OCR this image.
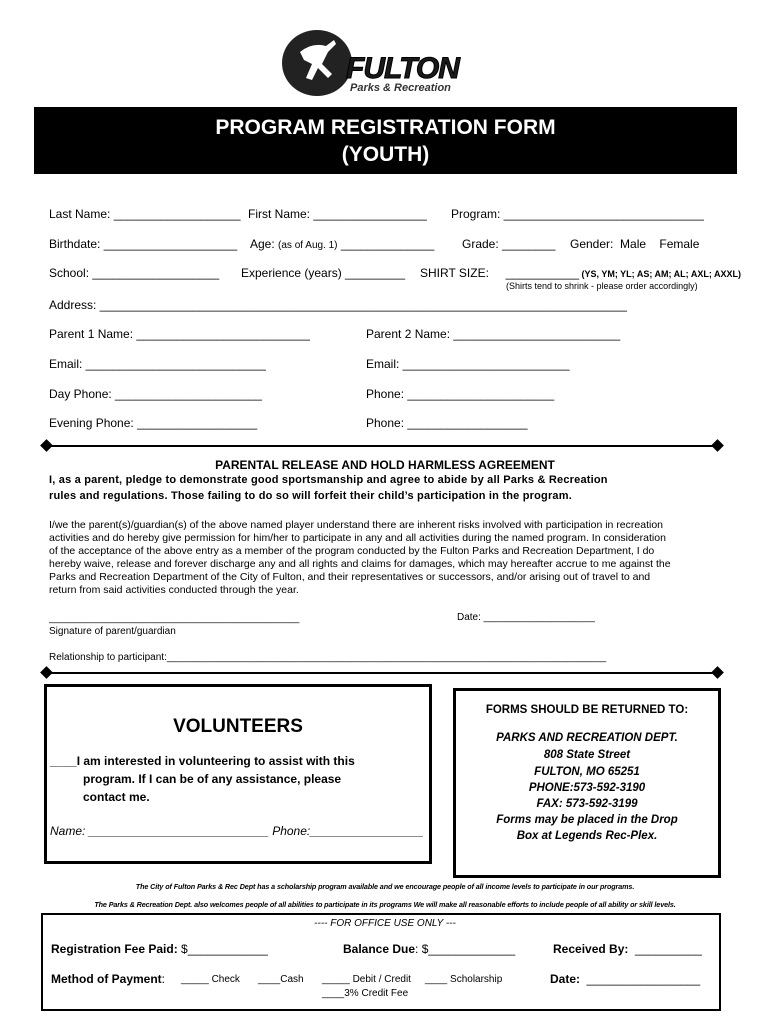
FULTON
Parks & Recreation
PROGRAM REGISTRATION FORM
(YOUTH)
Last Name: ___________________ First Name: _________________ Program: ______________________________
Birthdate: ____________________ Age: (as of Aug. 1) ______________ Grade: ________ Gender:  Male    Female
School: ___________________ Experience (years) _________ SHIRT SIZE:     ___________ (YS, YM; YL; AS; AM; AL; AXL; AXXL)
(Shirts tend to shrink - please order accordingly)
Address: _______________________________________________________________________________
Parent 1 Name: __________________________	Parent 2 Name: _________________________
Email: ___________________________	Email: _________________________
Day Phone: ______________________	Phone: ______________________
Evening Phone: __________________	Phone: __________________
PARENTAL RELEASE AND HOLD HARMLESS AGREEMENT
I, as a parent, pledge to demonstrate good sportsmanship and agree to abide by all Parks & Recreation
rules and regulations. Those failing to do so will forfeit their child’s participation in the program.
I/we the parent(s)/guardian(s) of the above named player understand there are inherent risks involved with participation in recreation
activities and do hereby give permission for him/her to participate in any and all activities during the named program. In consideration
of the acceptance of the above entry as a member of the program conducted by the Fulton Parks and Recreation Department, I do
hereby waive, release and forever discharge any and all rights and claims for damages, which may hereafter accrue to me against the
Parks and Recreation Department of the City of Fulton, and their representatives or successors, and/or arising out of travel to and
return from said activities conducted through the year.
_____________________________________________	Date: ____________________
Signature of parent/guardian
Relationship to participant:_______________________________________________________________________________
VOLUNTEERS
____I am interested in volunteering to assist with this
program. If I can be of any assistance, please
contact me.
Name: ___________________________ Phone:_________________
FORMS SHOULD BE RETURNED TO:
PARKS AND RECREATION DEPT.
808 State Street
FULTON, MO 65251
PHONE:573-592-3190
FAX: 573-592-3199
Forms may be placed in the Drop
Box at Legends Rec-Plex.
The City of Fulton Parks & Rec Dept has a scholarship program available and we encourage people of all income levels to participate in our programs.
The Parks & Recreation Dept. also welcomes people of all abilities to participate in its programs We will make all reasonable efforts to include people of all ability or skill levels.
---- FOR OFFICE USE ONLY ---
Registration Fee Paid: $____________	Balance Due: $_____________	Received By:  __________
Method of Payment: _____ Check ____Cash _____ Debit / Credit ____ Scholarship
____3% Credit Fee
Date:  _________________
